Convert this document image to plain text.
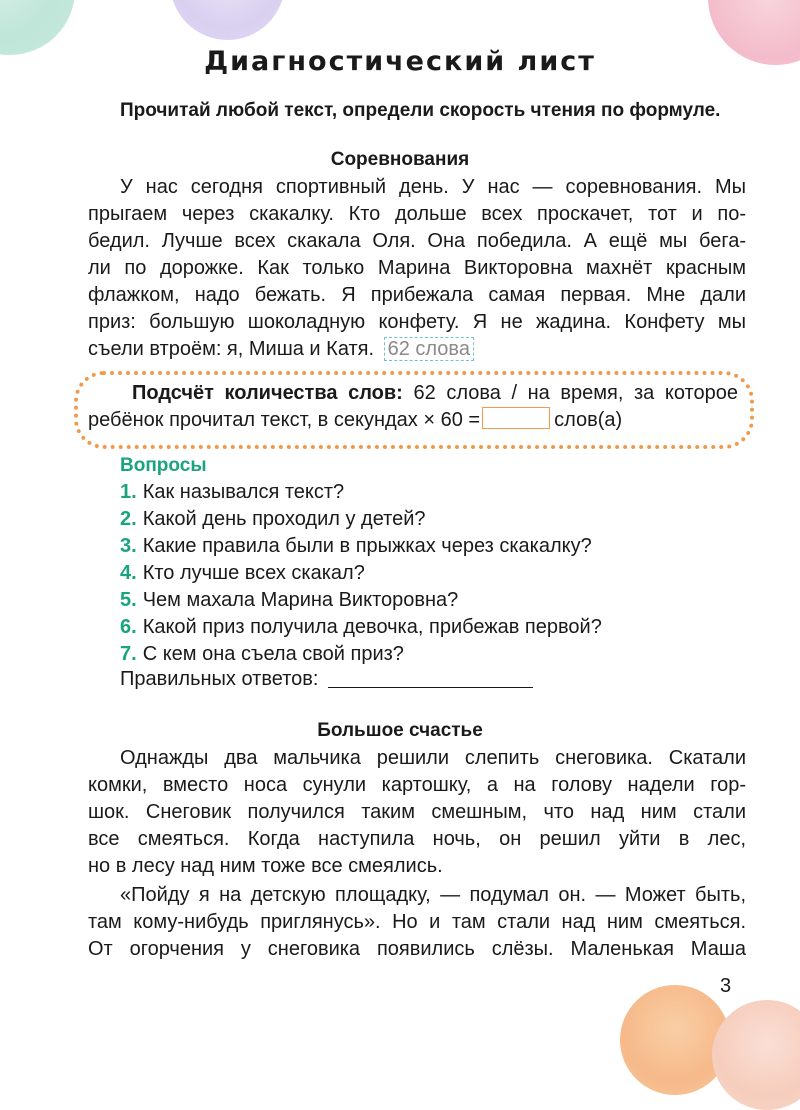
Диагностический лист
Прочитай любой текст, определи скорость чтения по формуле.
Соревнования
У нас сегодня спортивный день. У нас — соревнования. Мы
прыгаем через скакалку. Кто дольше всех проскачет, тот и по-
бедил. Лучше всех скакала Оля. Она победила. А ещё мы бега-
ли по дорожке. Как только Марина Викторовна махнёт красным
флажком, надо бежать. Я прибежала самая первая. Мне дали
приз: большую шоколадную конфету. Я не жадина. Конфету мы
съели втроём: я, Миша и Катя. 62 слова
Подсчёт количества слов: 62 слова / на время, за которое
ребёнок прочитал текст, в секундах × 60 =	слов(а)
Вопросы
1. Как назывался текст?
2. Какой день проходил у детей?
3. Какие правила были в прыжках через скакалку?
4. Кто лучше всех скакал?
5. Чем махала Марина Викторовна?
6. Какой приз получила девочка, прибежав первой?
7. С кем она съела свой приз?
Правильных ответов:
Большое счастье
Однажды два мальчика решили слепить снеговика. Скатали
комки, вместо носа сунули картошку, а на голову надели гор-
шок. Снеговик получился таким смешным, что над ним стали
все смеяться. Когда наступила ночь, он решил уйти в лес,
но в лесу над ним тоже все смеялись.
«Пойду я на детскую площадку, — подумал он. — Может быть,
там кому-нибудь приглянусь». Но и там стали над ним смеяться.
От огорчения у снеговика появились слёзы. Маленькая Маша
3
